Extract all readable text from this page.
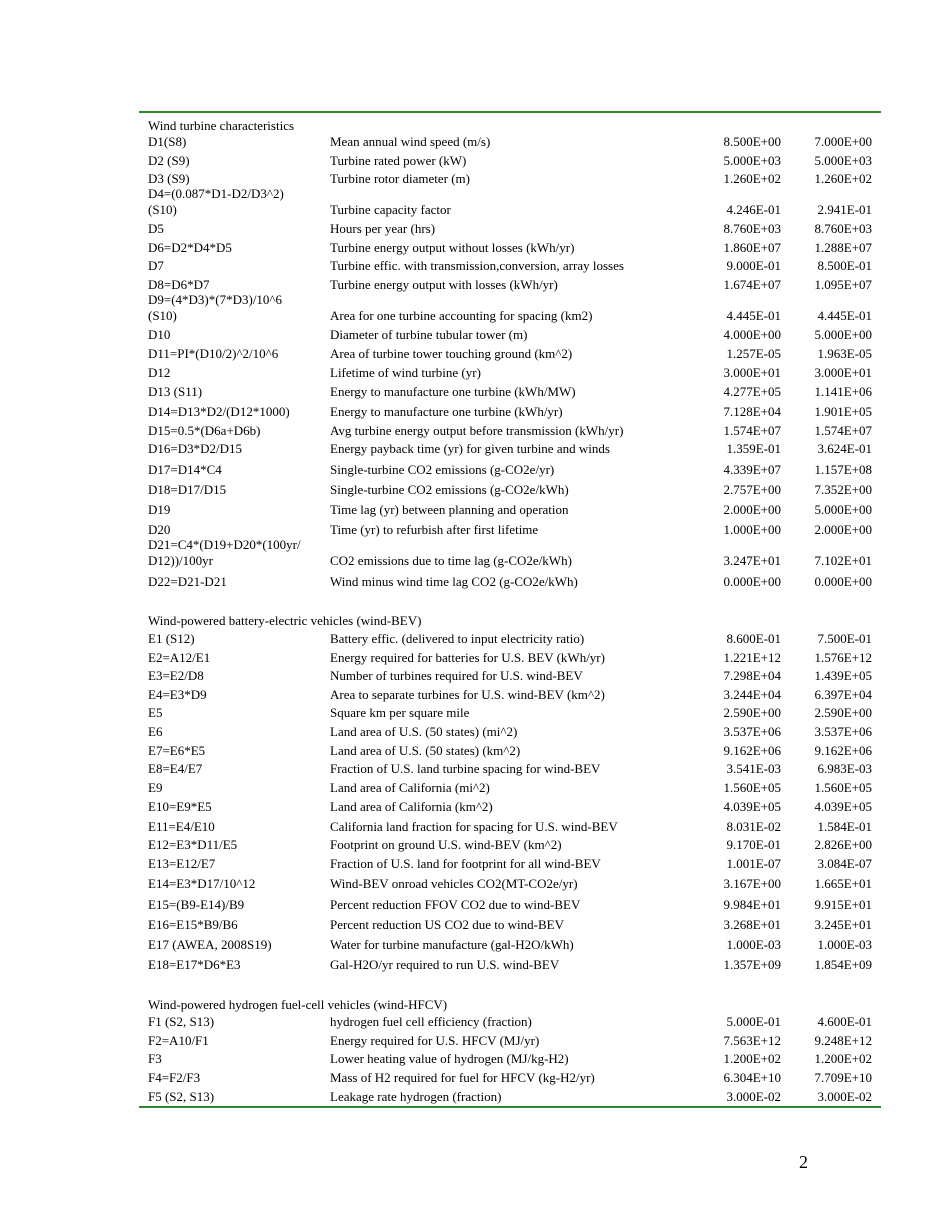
Wind turbine characteristics
D1(S8)	Mean annual wind speed (m/s)	8.500E+00	7.000E+00
D2 (S9)	Turbine rated power (kW)	5.000E+03	5.000E+03
D3 (S9)	Turbine rotor diameter (m)	1.260E+02	1.260E+02
D4=(0.087*D1-D2/D3^2)
(S10)	Turbine capacity factor	4.246E-01	2.941E-01
D5	Hours per year (hrs)	8.760E+03	8.760E+03
D6=D2*D4*D5	Turbine energy output without losses (kWh/yr)	1.860E+07	1.288E+07
D7	Turbine effic. with transmission,conversion, array losses	9.000E-01	8.500E-01
D8=D6*D7	Turbine energy output with losses (kWh/yr)	1.674E+07	1.095E+07
D9=(4*D3)*(7*D3)/10^6
(S10)	Area for one turbine accounting for spacing (km2)	4.445E-01	4.445E-01
D10	Diameter of turbine tubular tower (m)	4.000E+00	5.000E+00
D11=PI*(D10/2)^2/10^6	Area of turbine tower touching ground (km^2)	1.257E-05	1.963E-05
D12	Lifetime of wind turbine (yr)	3.000E+01	3.000E+01
D13 (S11)	Energy to manufacture one turbine (kWh/MW)	4.277E+05	1.141E+06
D14=D13*D2/(D12*1000)	Energy to manufacture one turbine (kWh/yr)	7.128E+04	1.901E+05
D15=0.5*(D6a+D6b)	Avg turbine energy output before transmission (kWh/yr)	1.574E+07	1.574E+07
D16=D3*D2/D15	Energy payback time (yr) for given turbine and winds	1.359E-01	3.624E-01
D17=D14*C4	Single-turbine CO2 emissions (g-CO2e/yr)	4.339E+07	1.157E+08
D18=D17/D15	Single-turbine CO2 emissions (g-CO2e/kWh)	2.757E+00	7.352E+00
D19	Time lag (yr) between planning and operation	2.000E+00	5.000E+00
D20	Time (yr) to refurbish after first lifetime	1.000E+00	2.000E+00
D21=C4*(D19+D20*(100yr/
D12))/100yr	CO2 emissions due to time lag (g-CO2e/kWh)	3.247E+01	7.102E+01
D22=D21-D21	Wind minus wind time lag CO2 (g-CO2e/kWh)	0.000E+00	0.000E+00
Wind-powered battery-electric vehicles (wind-BEV)
E1 (S12)	Battery effic. (delivered to input electricity ratio)	8.600E-01	7.500E-01
E2=A12/E1	Energy required for batteries for U.S. BEV (kWh/yr)	1.221E+12	1.576E+12
E3=E2/D8	Number of turbines required for U.S. wind-BEV	7.298E+04	1.439E+05
E4=E3*D9	Area to separate turbines for U.S. wind-BEV (km^2)	3.244E+04	6.397E+04
E5	Square km per square mile	2.590E+00	2.590E+00
E6	Land area of U.S. (50 states) (mi^2)	3.537E+06	3.537E+06
E7=E6*E5	Land area of U.S. (50 states) (km^2)	9.162E+06	9.162E+06
E8=E4/E7	Fraction of U.S. land turbine spacing for wind-BEV	3.541E-03	6.983E-03
E9	Land area of California (mi^2)	1.560E+05	1.560E+05
E10=E9*E5	Land area of California (km^2)	4.039E+05	4.039E+05
E11=E4/E10	California land fraction for spacing for U.S. wind-BEV	8.031E-02	1.584E-01
E12=E3*D11/E5	Footprint on ground U.S. wind-BEV (km^2)	9.170E-01	2.826E+00
E13=E12/E7	Fraction of U.S. land for footprint for all wind-BEV	1.001E-07	3.084E-07
E14=E3*D17/10^12	Wind-BEV onroad vehicles CO2(MT-CO2e/yr)	3.167E+00	1.665E+01
E15=(B9-E14)/B9	Percent reduction FFOV CO2 due to wind-BEV	9.984E+01	9.915E+01
E16=E15*B9/B6	Percent reduction US CO2 due to wind-BEV	3.268E+01	3.245E+01
E17 (AWEA, 2008S19)	Water for turbine manufacture (gal-H2O/kWh)	1.000E-03	1.000E-03
E18=E17*D6*E3	Gal-H2O/yr required to run U.S. wind-BEV	1.357E+09	1.854E+09
Wind-powered hydrogen fuel-cell vehicles (wind-HFCV)
F1 (S2, S13)	hydrogen fuel cell efficiency (fraction)	5.000E-01	4.600E-01
F2=A10/F1	Energy required for U.S. HFCV (MJ/yr)	7.563E+12	9.248E+12
F3	Lower heating value of hydrogen (MJ/kg-H2)	1.200E+02	1.200E+02
F4=F2/F3	Mass of H2 required for fuel for HFCV (kg-H2/yr)	6.304E+10	7.709E+10
F5 (S2, S13)	Leakage rate hydrogen (fraction)	3.000E-02	3.000E-02
2
